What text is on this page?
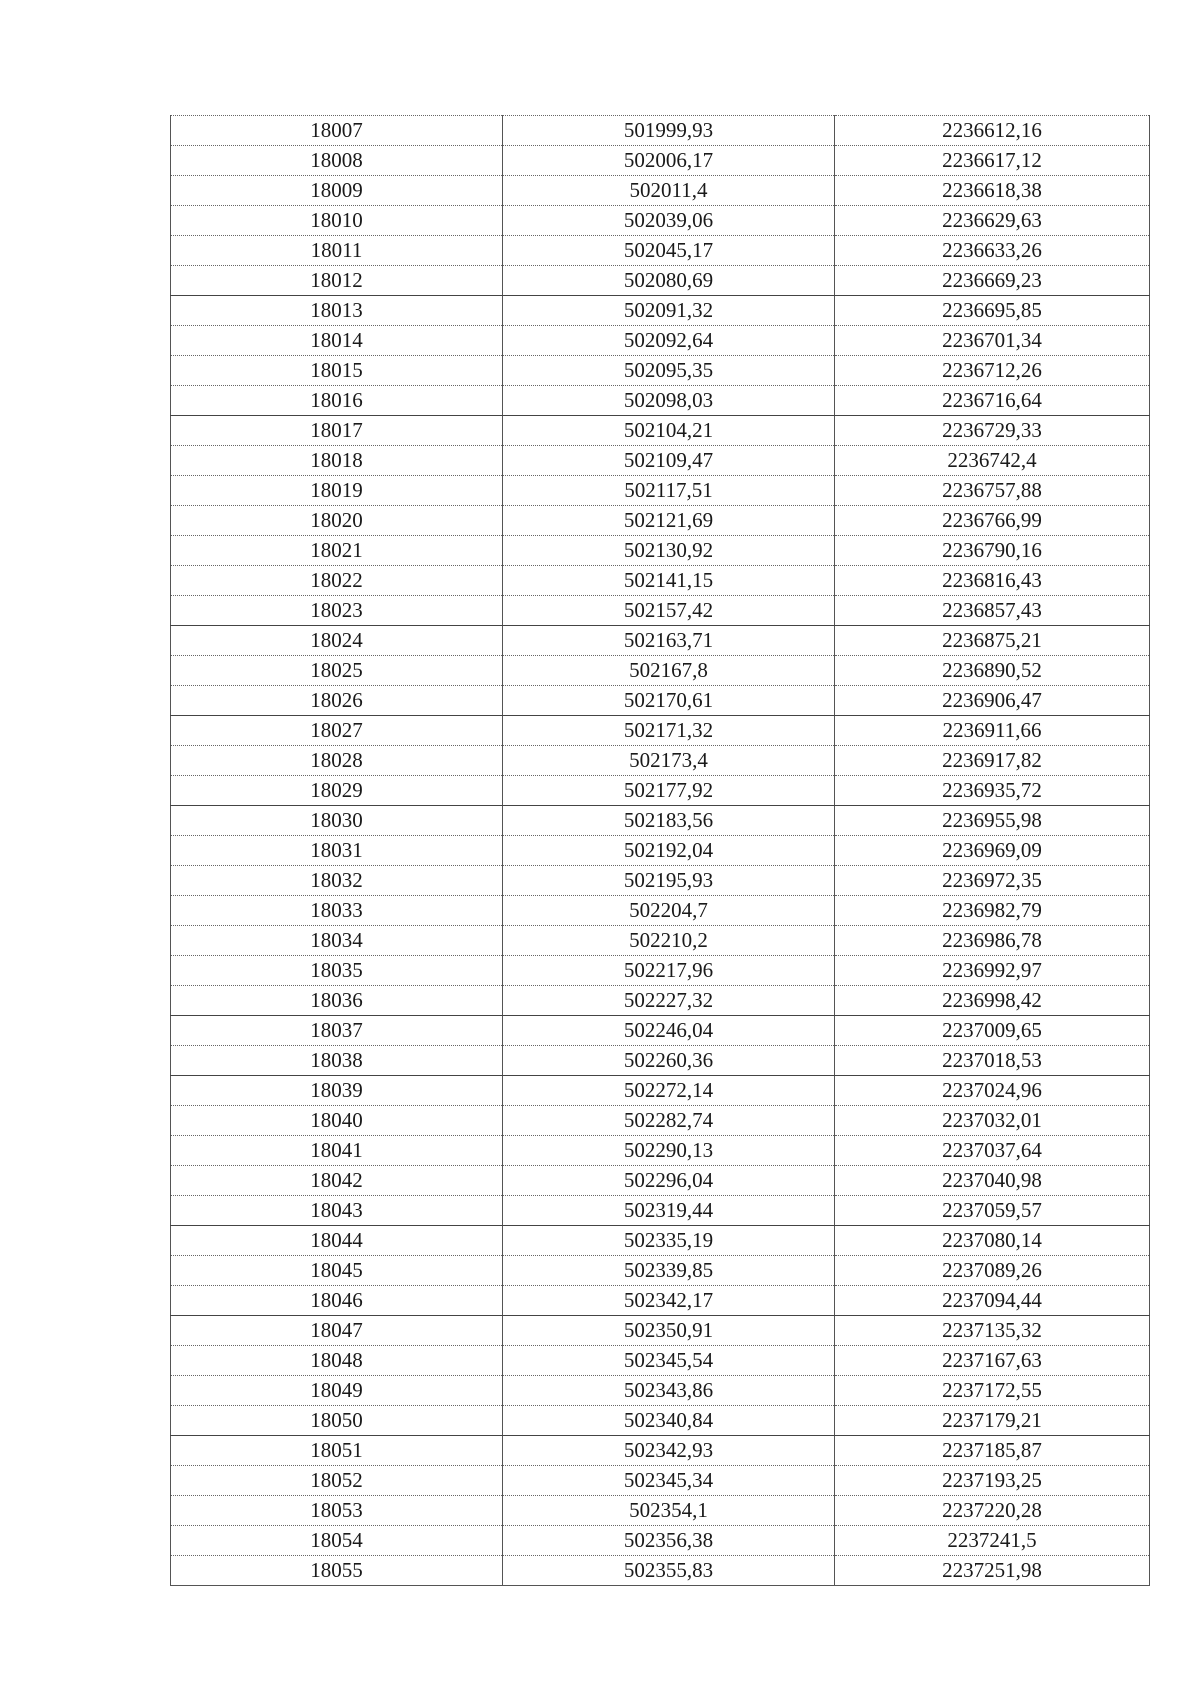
18007	501999,93	2236612,16
18008	502006,17	2236617,12
18009	502011,4	2236618,38
18010	502039,06	2236629,63
18011	502045,17	2236633,26
18012	502080,69	2236669,23
18013	502091,32	2236695,85
18014	502092,64	2236701,34
18015	502095,35	2236712,26
18016	502098,03	2236716,64
18017	502104,21	2236729,33
18018	502109,47	2236742,4
18019	502117,51	2236757,88
18020	502121,69	2236766,99
18021	502130,92	2236790,16
18022	502141,15	2236816,43
18023	502157,42	2236857,43
18024	502163,71	2236875,21
18025	502167,8	2236890,52
18026	502170,61	2236906,47
18027	502171,32	2236911,66
18028	502173,4	2236917,82
18029	502177,92	2236935,72
18030	502183,56	2236955,98
18031	502192,04	2236969,09
18032	502195,93	2236972,35
18033	502204,7	2236982,79
18034	502210,2	2236986,78
18035	502217,96	2236992,97
18036	502227,32	2236998,42
18037	502246,04	2237009,65
18038	502260,36	2237018,53
18039	502272,14	2237024,96
18040	502282,74	2237032,01
18041	502290,13	2237037,64
18042	502296,04	2237040,98
18043	502319,44	2237059,57
18044	502335,19	2237080,14
18045	502339,85	2237089,26
18046	502342,17	2237094,44
18047	502350,91	2237135,32
18048	502345,54	2237167,63
18049	502343,86	2237172,55
18050	502340,84	2237179,21
18051	502342,93	2237185,87
18052	502345,34	2237193,25
18053	502354,1	2237220,28
18054	502356,38	2237241,5
18055	502355,83	2237251,98
